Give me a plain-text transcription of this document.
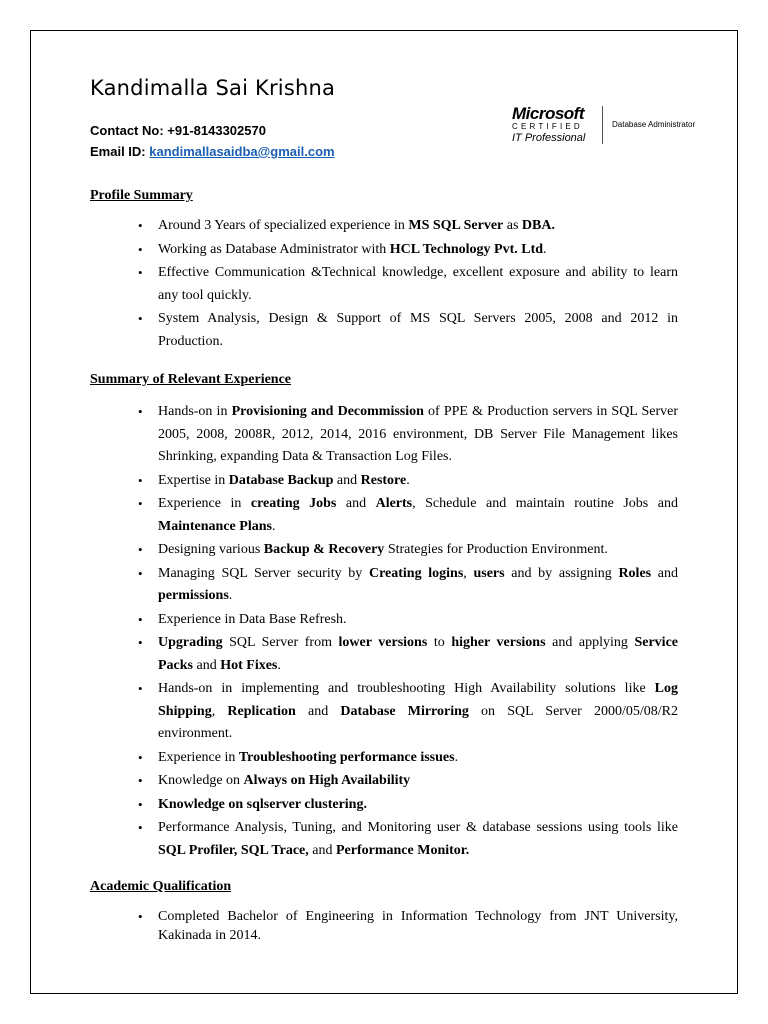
Kandimalla Sai Krishna
Contact No: +91-8143302570
Email ID: kandimallasaidba@gmail.com
Microsoft
CERTIFIED
IT Professional
Database Administrator
Profile Summary
• Around 3 Years of specialized experience in MS SQL Server as DBA.
• Working as Database Administrator with HCL Technology Pvt. Ltd.
• Effective Communication &Technical knowledge, excellent exposure and ability to learn any tool quickly.
• System Analysis, Design & Support of MS SQL Servers 2005, 2008 and 2012 in Production.
Summary of Relevant Experience
• Hands-on in Provisioning and Decommission of PPE & Production servers in SQL Server 2005, 2008, 2008R, 2012, 2014, 2016 environment, DB Server File Management likes Shrinking, expanding Data & Transaction Log Files.
• Expertise in Database Backup and Restore.
• Experience in creating Jobs and Alerts, Schedule and maintain routine Jobs and Maintenance Plans.
• Designing various Backup & Recovery Strategies for Production Environment.
• Managing SQL Server security by Creating logins, users and by assigning Roles and permissions.
• Experience in Data Base Refresh.
• Upgrading SQL Server from lower versions to higher versions and applying Service Packs and Hot Fixes.
• Hands-on in implementing and troubleshooting High Availability solutions like Log Shipping, Replication and Database Mirroring on SQL Server 2000/05/08/R2 environment.
• Experience in Troubleshooting performance issues.
• Knowledge on Always on High Availability
• Knowledge on sqlserver clustering.
• Performance Analysis, Tuning, and Monitoring user & database sessions using tools like SQL Profiler, SQL Trace, and Performance Monitor.
Academic Qualification
• Completed Bachelor of Engineering in Information Technology from JNT University, Kakinada in 2014.
